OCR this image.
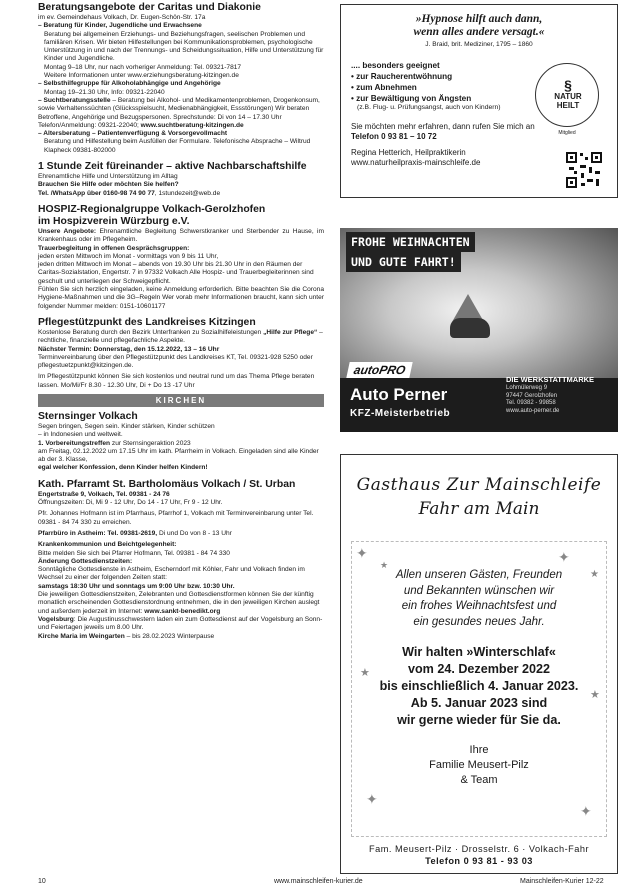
Beratungsangebote der Caritas und Diakonie
im ev. Gemeindehaus Volkach, Dr. Eugen-Schön-Str. 17a
– Beratung für Kinder, Jugendliche und Erwachsene
Beratung bei allgemeinen Erziehungs- und Beziehungsfragen, seelischen Problemen und familiären Krisen. Wir bieten Hilfestellungen bei Kommunikationsproblemen, psychologische Unterstützung in und nach der Trennungs- und Scheidungssituation, Hilfe und Unterstützung für Kinder und Jugendliche.
Montag 9–18 Uhr, nur nach vorheriger Anmeldung: Tel. 09321-7817
Weitere Informationen unter www.erziehungsberatung-kitzingen.de
– Selbsthilfegruppe für Alkoholabhängige und Angehörige
Montag 19–21.30 Uhr, Info: 09321-22040
– Suchtberatungsstelle – Beratung bei Alkohol- und Medikamentenproblemen, Drogenkonsum, sowie Verhaltenssüchten (Glücksspielsucht, Medienabhängigkeit, Essstörungen) Wir beraten Betroffene, Angehörige und Bezugspersonen. Sprechstunde: Di von 14 – 17.30 Uhr Telefon/Anmeldung: 09321-22040; www.suchtberatung-kitzingen.de
– Altersberatung – Patientenverfügung & Vorsorgevollmacht
Beratung und Hilfestellung beim Ausfüllen der Formulare. Telefonische Absprache – Wiltrud Klapheck 09381-802000
1 Stunde Zeit füreinander – aktive Nachbarschaftshilfe
Ehrenamtliche Hilfe und Unterstützung im Alltag
Brauchen Sie Hilfe oder möchten Sie helfen?
Tel. /WhatsApp über 0160-98 74 90 77, 1stundezeit@web.de
HOSPIZ-Regionalgruppe Volkach-Gerolzhofen
im Hospizverein Würzburg e.V.
Unsere Angebote: Ehrenamtliche Begleitung Schwerstkranker und Sterbender zu Hause, im Krankenhaus oder im Pflegeheim.
Trauerbegleitung in offenen Gesprächsgruppen:
jeden ersten Mittwoch im Monat - vormittags von 9 bis 11 Uhr,
jeden dritten Mittwoch im Monat – abends von 19.30 Uhr bis 21.30 Uhr in den Räumen der Caritas-Sozialstation, Engertstr. 7 in 97332 Volkach Alle Hospiz- und Trauerbegleiterinnen sind geschult und unterliegen der Schweigepflicht.
Fühlen Sie sich herzlich eingeladen, keine Anmeldung erforderlich. Bitte beachten Sie die Corona Hygiene-Maßnahmen und die 3G–Regeln Wer vorab mehr Informationen braucht, kann sich unter folgender Nummer melden: 0151-10601177
Pflegestützpunkt des Landkreises Kitzingen
Kostenlose Beratung durch den Bezirk Unterfranken zu Sozialhilfeleistungen „Hilfe zur Pflege“ – rechtliche, finanzielle und pflegefachliche Aspekte.
Nächster Termin: Donnerstag, den 15.12.2022, 13 – 16 Uhr
Terminvereinbarung über den Pflegestützpunkt des Landkreises KT, Tel. 09321-928 5250 oder pflegestuetzpunkt@kitzingen.de.
Im Pflegestützpunkt können Sie sich kostenlos und neutral rund um das Thema Pflege beraten lassen. Mo/Mi/Fr 8.30 - 12.30 Uhr, Di + Do 13 -17 Uhr
KIRCHEN
Sternsinger Volkach
Segen bringen, Segen sein. Kinder stärken, Kinder schützen
– in Indonesien und weltweit.
1. Vorbereitungstreffen zur Sternsingeraktion 2023
am Freitag, 02.12.2022 um 17.15 Uhr im kath. Pfarrheim in Volkach. Eingeladen sind alle Kinder ab der 3. Klasse,
egal welcher Konfession, denn Kinder helfen Kindern!
Kath. Pfarramt St. Bartholomäus Volkach / St. Urban
Engertstraße 9, Volkach, Tel. 09381 - 24 76
Öffnungszeiten: Di, Mi 9 - 12 Uhr, Do 14 - 17 Uhr, Fr 9 - 12 Uhr.
Pfr. Johannes Hofmann ist im Pfarrhaus, Pfarrhof 1, Volkach mit Terminvereinbarung unter Tel. 09381 - 84 74 330 zu erreichen.
Pfarrbüro in Astheim: Tel. 09381-2619, Di und Do von 8 - 13 Uhr
Krankenkommunion und Beichtgelegenheit:
Bitte melden Sie sich bei Pfarrer Hofmann, Tel. 09381 - 84 74 330
Änderung Gottesdienstzeiten:
Sonntägliche Gottesdienste in Astheim, Escherndorf mit Köhler, Fahr und Volkach finden im Wechsel zu einer der folgenden Zeiten statt:
samstags 18:30 Uhr und sonntags um 9:00 Uhr bzw. 10:30 Uhr.
Die jeweiligen Gottesdienstzeiten, Zelebranten und Gottesdienstformen können Sie der künftig monatlich erscheinenden Gottesdienstordnung entnehmen, die in den jeweiligen Kirchen auslegt und außerdem jederzeit im Internet: www.sankt-benedikt.org
Vogelsburg: Die Augustinusschwestern laden ein zum Gottesdienst auf der Vogelsburg an Sonn- und Feiertagen jeweils um 8.00 Uhr.
Kirche Maria im Weingarten – bis 28.02.2023 Winterpause
»Hypnose hilft auch dann,
wenn alles andere versagt.«
J. Braid, brit. Mediziner, 1795 – 1860
.... besonders geeignet
• zur Raucherentwöhnung
• zum Abnehmen
• zur Bewältigung von Ängsten
(z.B. Flug- u. Prüfungsangst, auch von Kindern)
§
NATUR
HEILT
Mitglied
Sie möchten mehr erfahren, dann rufen Sie mich an
Telefon 0 93 81 – 10 72
Regina Hetterich, Heilpraktikerin
www.naturheilpraxis-mainschleife.de
FROHE WEIHNACHTEN
UND GUTE FAHRT!
autoPRO
Auto Perner
KFZ-Meisterbetrieb
DIE WERKSTATTMARKE
Lohmülerweg 9
97447 Gerolzhofen
Tel. 09382 - 99858
www.auto-perner.de
Gasthaus Zur Mainschleife
Fahr am Main
✦
★	✦
★
★
★
✦
✦
Allen unseren Gästen, Freunden
und Bekannten wünschen wir
ein frohes Weihnachtsfest und
ein gesundes neues Jahr.
Wir halten »Winterschlaf«
vom 24. Dezember 2022
bis einschließlich 4. Januar 2023.
Ab 5. Januar 2023 sind
wir gerne wieder für Sie da.
Ihre
Familie Meusert-Pilz
& Team
Fam. Meusert-Pilz · Drosselstr. 6 · Volkach-Fahr
Telefon 0 93 81 - 93 03
10	www.mainschleifen-kurier.de	Mainschleifen-Kurier 12-22
